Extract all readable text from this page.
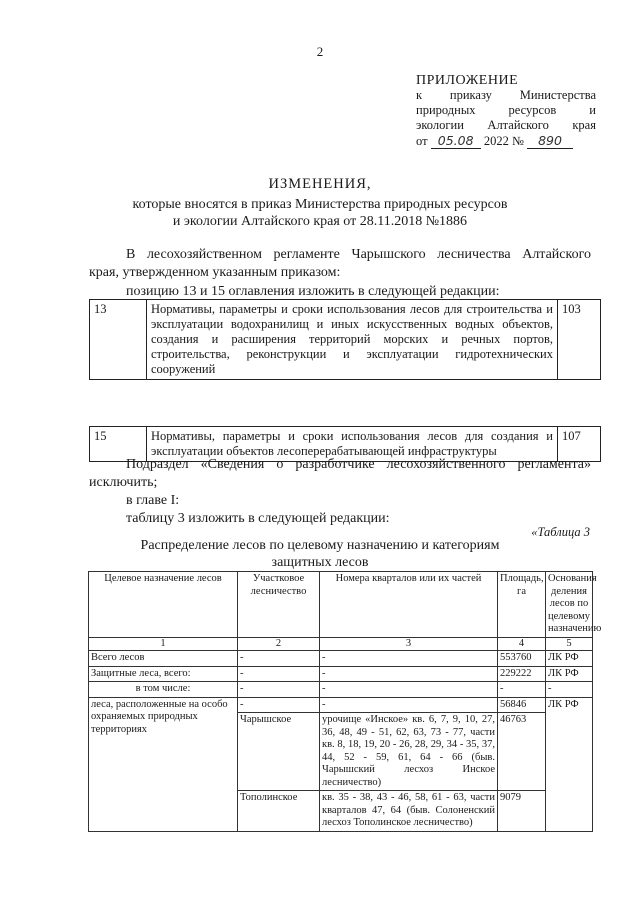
2
ПРИЛОЖЕНИЕ
к приказу Министерства
природных ресурсов и
экологии Алтайского края
от 05.08 2022 № 890
ИЗМЕНЕНИЯ,
которые вносятся в приказ Министерства природных ресурсов
и экологии Алтайского края от 28.11.2018 №1886
В лесохозяйственном регламенте Чарышского лесничества Алтайского
края, утвержденном указанным приказом:
позицию 13 и 15 оглавления изложить в следующей редакции:
13	Нормативы, параметры и сроки использования лесов для строительства и эксплуатации водохранилищ и иных искусственных водных объектов, создания и расширения территорий морских и речных портов, строительства, реконструкции и эксплуатации гидротехнических сооружений	103
15	Нормативы, параметры и сроки использования лесов для создания и эксплуатации объектов лесоперерабатывающей инфраструктуры	107
Подраздел «Сведения о разработчике лесохозяйственного регламента»
исключить;
в главе I:
таблицу 3 изложить в следующей редакции:
«Таблица 3
Распределение лесов по целевому назначению и категориям
защитных лесов
Целевое назначение лесов	Участковое лесничество	Номера кварталов или их частей	Площадь, га	Основания деления лесов по целевому назначению
1	2	3	4	5
Всего лесов	-	-	553760	ЛК РФ
Защитные леса, всего:	-	-	229222	ЛК РФ
в том числе:	-	-	-	-
леса, расположенные на особо охраняемых природных территориях	-	-	56846	ЛК РФ
	Чарышское	урочище «Инское» кв. 6, 7, 9, 10, 27, 36, 48, 49 - 51, 62, 63, 73 - 77, части кв. 8, 18, 19, 20 - 26, 28, 29, 34 - 35, 37, 44, 52 - 59, 61, 64 - 66 (быв. Чарышский лесхоз Инское лесничество)	46763	
	Тополинское	кв. 35 - 38, 43 - 46, 58, 61 - 63, части кварталов 47, 64 (быв. Солоненский лесхоз Тополинское лесничество)	9079	
